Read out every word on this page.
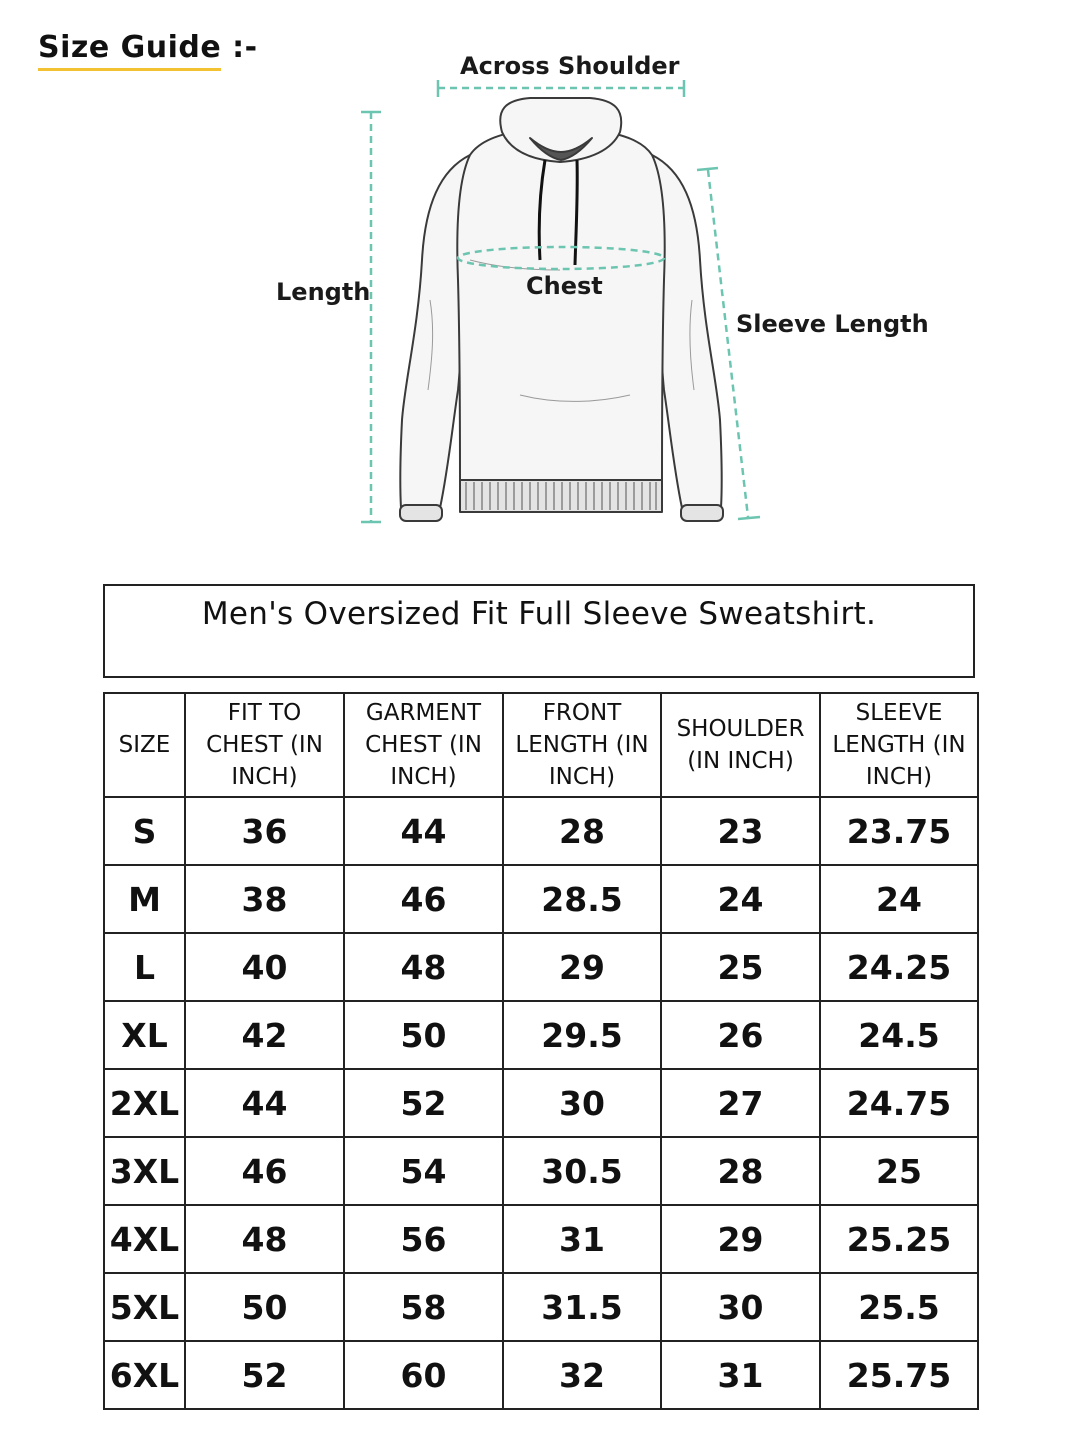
Size Guide
:-
Across Shoulder
Length	Chest
Sleeve Length
Men's Oversized Fit Full Sleeve Sweatshirt.
SIZE	FIT TO CHEST (IN INCH)	GARMENT CHEST (IN INCH)	FRONT LENGTH (IN INCH)	SHOULDER (IN INCH)	SLEEVE LENGTH (IN INCH)
S	36	44	28	23	23.75
M	38	46	28.5	24	24
L	40	48	29	25	24.25
XL	42	50	29.5	26	24.5
2XL	44	52	30	27	24.75
3XL	46	54	30.5	28	25
4XL	48	56	31	29	25.25
5XL	50	58	31.5	30	25.5
6XL	52	60	32	31	25.75
